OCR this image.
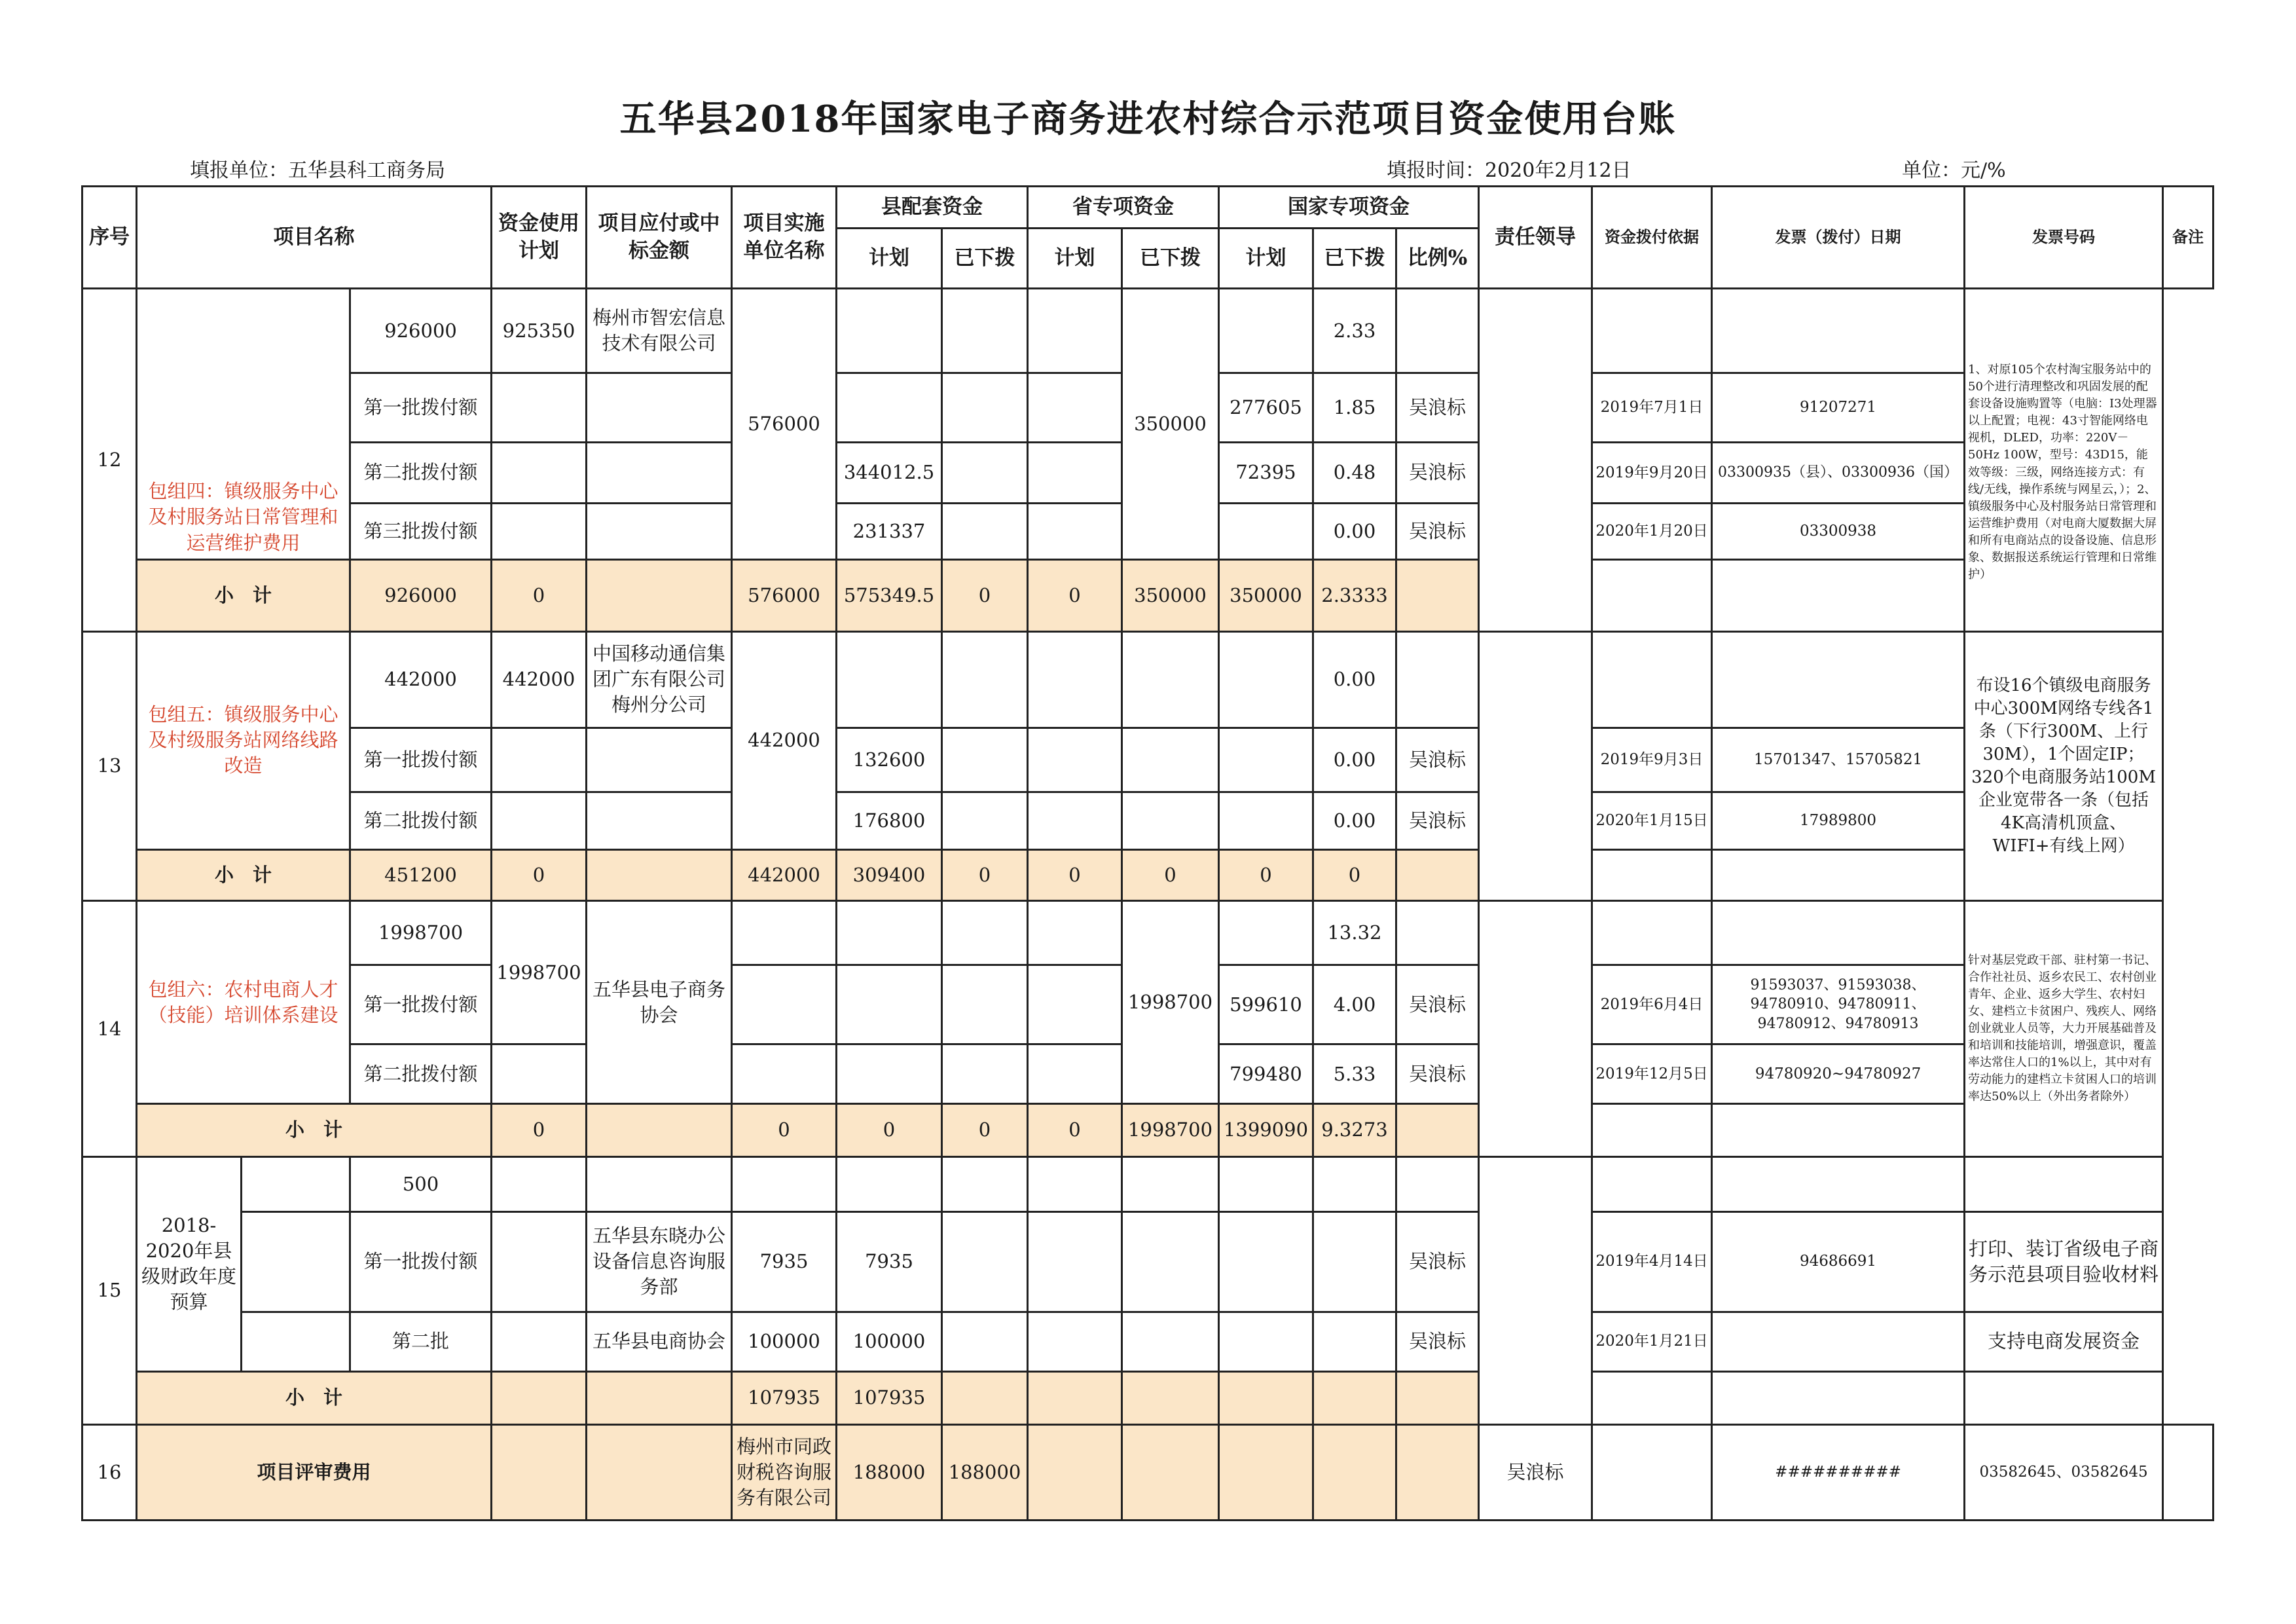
五华县2018年国家电子商务进农村综合示范项目资金使用台账
填报单位：五华县科工商务局	填报时间：2020年2月12日	单位：元/%
序号	项目名称			资金使用计划	项目应付或中标金额	项目实施单位名称	县配套资金		省专项资金		国家专项资金			责任领导	资金拨付依据	发票（拨付）日期	发票号码	备注
							计划	已下拨	计划	已下拨	计划	已下拨	比例%					
12	包组四：镇级服务中心及村服务站日常管理和运营维护费用		926000	925350	梅州市智宏信息技术有限公司	576000				350000		2.33					1、对原105个农村淘宝服务站中的50个进行清理整改和巩固发展的配套设备设施购置等（电脑：I3处理器以上配置；电视：43寸智能网络电视机，DLED，功率：220V－50Hz 100W，型号：43D15，能效等级：三级，网络连接方式：有线/无线，操作系统与网星云，）；2、镇级服务中心及村服务站日常管理和运营维护费用（对电商大厦数据大屏和所有电商站点的设备设施、信息形象、数据报送系统运行管理和日常维护）	
			第一批拨付额								277605	1.85	吴浪标		2019年7月1日	91207271		
			第二批拨付额				344012.5				72395	0.48	吴浪标		2019年9月20日	03300935（县）、03300936（国）		
			第三批拨付额				231337					0.00	吴浪标		2020年1月20日	03300938		
	小　计		926000	0		576000	575349.5	0	0	350000	350000	2.3333						
13	包组五：镇级服务中心及村级服务站网络线路改造		442000	442000	中国移动通信集团广东有限公司梅州分公司	442000						0.00					布设16个镇级电商服务中心300M网络专线各1条（下行300M、上行30M），1个固定IP；320个电商服务站100M企业宽带各一条（包括4K高清机顶盒、WIFI+有线上网）	
			第一批拨付额				132600					0.00	吴浪标		2019年9月3日	15701347、15705821		
			第二批拨付额				176800					0.00	吴浪标		2020年1月15日	17989800		
	小　计		451200	0		442000	309400	0	0	0	0	0						
14	包组六：农村电商人才（技能）培训体系建设		1998700	1998700	五华县电子商务协会					1998700		13.32					针对基层党政干部、驻村第一书记、合作社社员、返乡农民工、农村创业青年、企业、返乡大学生、农村妇女、建档立卡贫困户、残疾人、网络创业就业人员等，大力开展基础普及和培训和技能培训，增强意识，覆盖率达常住人口的1%以上，其中对有劳动能力的建档立卡贫困人口的培训率达50%以上（外出务者除外）	
			第一批拨付额								599610	4.00	吴浪标		2019年6月4日	91593037、91593038、94780910、94780911、94780912、94780913		
			第二批拨付额								799480	5.33	吴浪标		2019年12月5日	94780920~94780927		
	小　计			0		0	0	0	0	1998700	1399090	9.3273						
15	2018-2020年县级财政年度预算		500															
			第一批拨付额		五华县东晓办公设备信息咨询服务部	7935	7935						吴浪标		2019年4月14日	94686691	打印、装订省级电子商务示范县项目验收材料	
			第二批		五华县电商协会	100000	100000						吴浪标		2020年1月21日		支持电商发展资金	
	小　计					107935	107935											
16	项目评审费用					梅州市同政财税咨询服务有限公司	188000	188000						吴浪标		##########	03582645、03582645	
